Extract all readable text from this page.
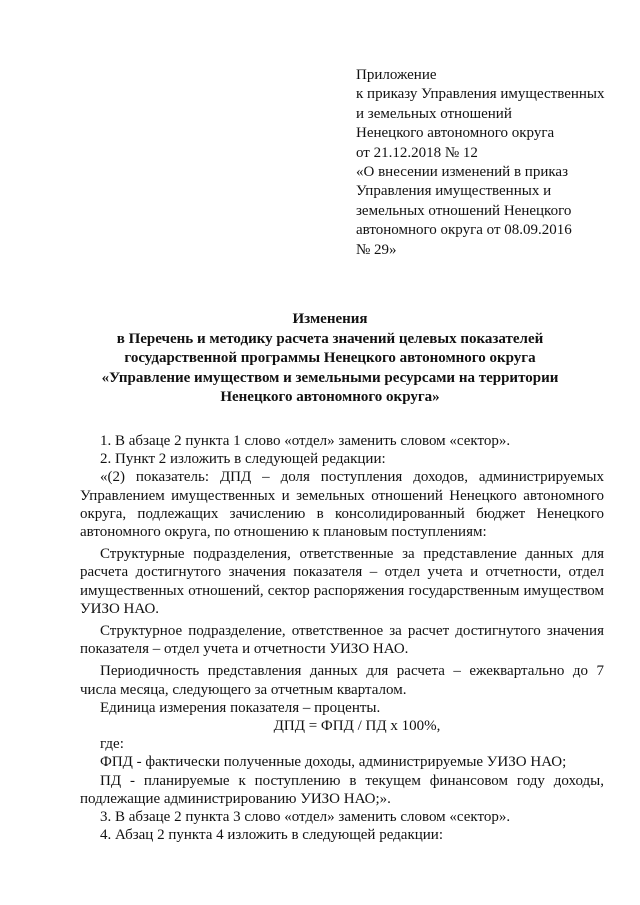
Приложение
к приказу Управления имущественных
и земельных отношений
Ненецкого автономного округа
от 21.12.2018 № 12
«О внесении изменений в приказ
Управления имущественных и
земельных отношений Ненецкого
автономного округа от 08.09.2016
№ 29»
Изменения
в Перечень и методику расчета значений целевых показателей
государственной программы Ненецкого автономного округа
«Управление имуществом и земельными ресурсами на территории
Ненецкого автономного округа»

1. В абзаце 2 пункта 1 слово «отдел» заменить словом «сектор».

2. Пункт 2 изложить в следующей редакции:

«(2) показатель: ДПД – доля поступления доходов, администрируемых Управлением имущественных и земельных отношений Ненецкого автономного округа, подлежащих зачислению в консолидированный бюджет Ненецкого автономного округа, по отношению к плановым поступлениям:

Структурные подразделения, ответственные за представление данных для расчета достигнутого значения показателя – отдел учета и отчетности, отдел имущественных отношений, сектор распоряжения государственным имуществом УИЗО НАО.

Структурное подразделение, ответственное за расчет достигнутого значения показателя – отдел учета и отчетности УИЗО НАО.

Периодичность представления данных для расчета – ежеквартально до 7 числа месяца, следующего за отчетным кварталом.

Единица измерения показателя – проценты.

ДПД = ФПД / ПД x 100%,

где:

ФПД - фактически полученные доходы, администрируемые УИЗО НАО;

ПД - планируемые к поступлению в текущем финансовом году доходы, подлежащие администрированию УИЗО НАО;».

3. В абзаце 2 пункта 3 слово «отдел» заменить словом «сектор».

4. Абзац 2 пункта 4 изложить в следующей редакции:
